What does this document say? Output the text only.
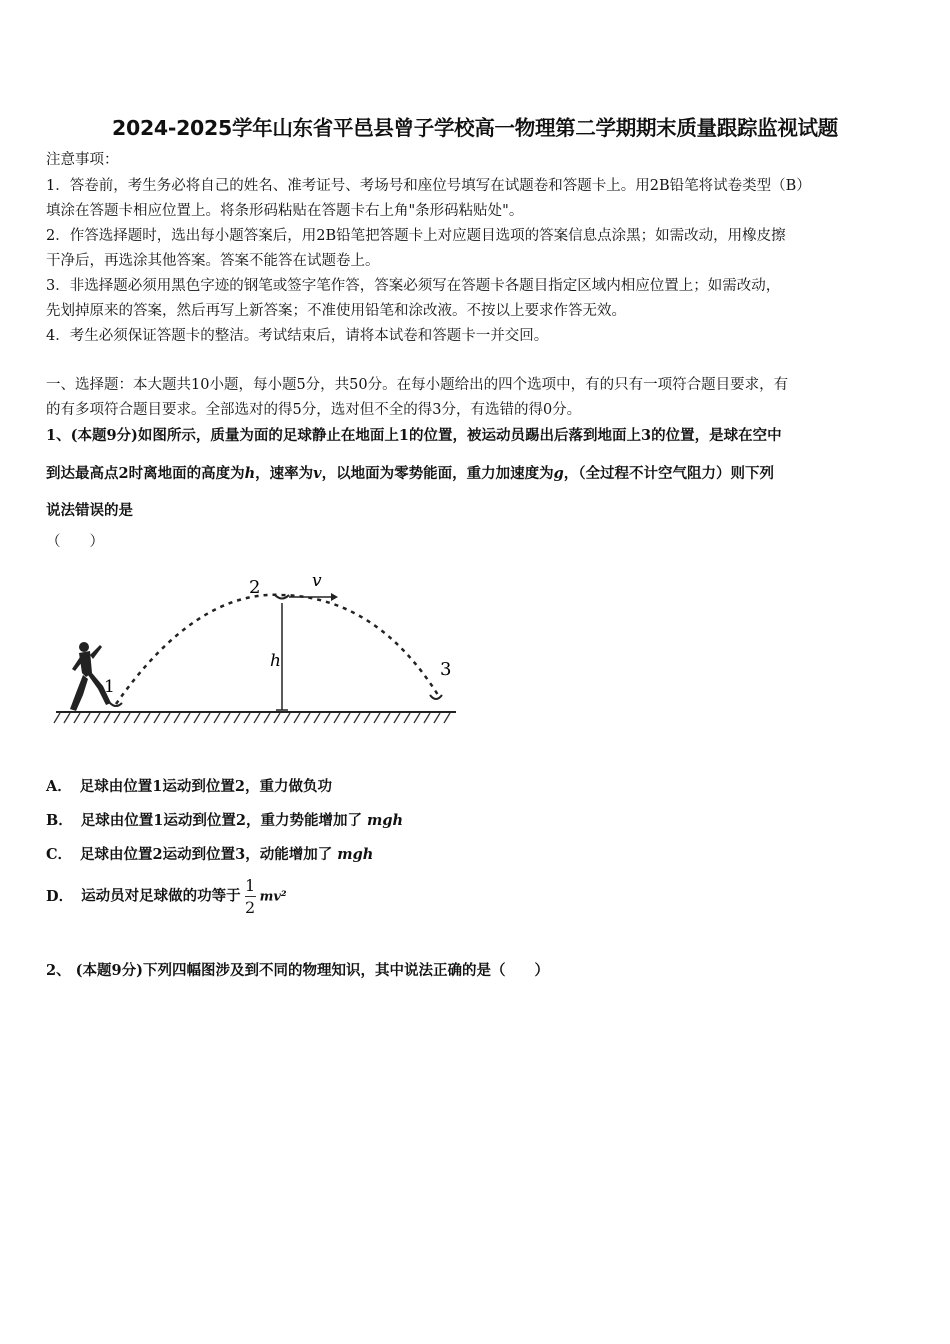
2024-2025学年山东省平邑县曾子学校高一物理第二学期期末质量跟踪监视试题
注意事项：
1．答卷前，考生务必将自己的姓名、准考证号、考场号和座位号填写在试题卷和答题卡上。用2B铅笔将试卷类型（B）
填涂在答题卡相应位置上。将条形码粘贴在答题卡右上角"条形码粘贴处"。
2．作答选择题时，选出每小题答案后，用2B铅笔把答题卡上对应题目选项的答案信息点涂黑；如需改动，用橡皮擦
干净后，再选涂其他答案。答案不能答在试题卷上。
3．非选择题必须用黑色字迹的钢笔或签字笔作答，答案必须写在答题卡各题目指定区域内相应位置上；如需改动，
先划掉原来的答案，然后再写上新答案；不准使用铅笔和涂改液。不按以上要求作答无效。
4．考生必须保证答题卡的整洁。考试结束后，请将本试卷和答题卡一并交回。
一、选择题：本大题共10小题，每小题5分，共50分。在每小题给出的四个选项中，有的只有一项符合题目要求，有
的有多项符合题目要求。全部选对的得5分，选对但不全的得3分，有选错的得0分。
1、(本题9分)如图所示，质量为面的足球静止在地面上1的位置，被运动员踢出后落到地面上3的位置，是球在空中
到达最高点2时离地面的高度为h，速率为v，以地面为零势能面，重力加速度为g，（全过程不计空气阻力）则下列
说法错误的是
（　　）
1
2
3
h
v
A． 足球由位置1运动到位置2，重力做负功
B． 足球由位置1运动到位置2，重力势能增加了 mgh
C． 足球由位置2运动到位置3，动能增加了 mgh
D． 运动员对足球做的功等于 $\frac{1}{2} mv^2$
2、 (本题9分)下列四幅图涉及到不同的物理知识，其中说法正确的是（　　）
